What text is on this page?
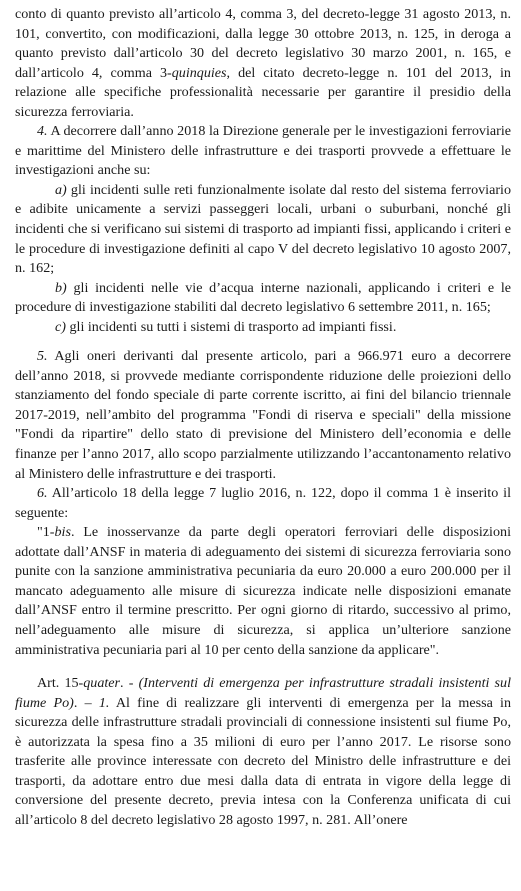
conto di quanto previsto all’articolo 4, comma 3, del decreto-legge 31 agosto 2013, n. 101, convertito, con modificazioni, dalla legge 30 ottobre 2013, n. 125, in deroga a quanto previsto dall’articolo 30 del decreto legislativo 30 marzo 2001, n. 165, e dall’articolo 4, comma 3-quinquies, del citato decreto-legge n. 101 del 2013, in relazione alle specifiche professionalità necessarie per garantire il presidio della sicurezza ferroviaria.

4. A decorrere dall’anno 2018 la Direzione generale per le investigazioni ferroviarie e marittime del Ministero delle infrastrutture e dei trasporti provvede a effettuare le investigazioni anche su:

a) gli incidenti sulle reti funzionalmente isolate dal resto del sistema ferroviario e adibite unicamente a servizi passeggeri locali, urbani o suburbani, nonché gli incidenti che si verificano sui sistemi di trasporto ad impianti fissi, applicando i criteri e le procedure di investigazione definiti al capo V del decreto legislativo 10 agosto 2007, n. 162;

b) gli incidenti nelle vie d’acqua interne nazionali, applicando i criteri e le procedure di investigazione stabiliti dal decreto legislativo 6 settembre 2011, n. 165;

c) gli incidenti su tutti i sistemi di trasporto ad impianti fissi.

5. Agli oneri derivanti dal presente articolo, pari a 966.971 euro a decorrere dell’anno 2018, si provvede mediante corrispondente riduzione delle proiezioni dello stanziamento del fondo speciale di parte corrente iscritto, ai fini del bilancio triennale 2017-2019, nell’ambito del programma "Fondi di riserva e speciali" della missione "Fondi da ripartire" dello stato di previsione del Ministero dell’economia e delle finanze per l’anno 2017, allo scopo parzialmente utilizzando l’accantonamento relativo al Ministero delle infrastrutture e dei trasporti.

6. All’articolo 18 della legge 7 luglio 2016, n. 122, dopo il comma 1 è inserito il seguente:

"1-bis. Le inosservanze da parte degli operatori ferroviari delle disposizioni adottate dall’ANSF in materia di adeguamento dei sistemi di sicurezza ferroviaria sono punite con la sanzione amministrativa pecuniaria da euro 20.000 a euro 200.000 per il mancato adeguamento alle misure di sicurezza indicate nelle disposizioni emanate dall’ANSF entro il termine prescritto. Per ogni giorno di ritardo, successivo al primo, nell’adeguamento alle misure di sicurezza, si applica un’ulteriore sanzione amministrativa pecuniaria pari al 10 per cento della sanzione da applicare".

Art. 15-quater. - (Interventi di emergenza per infrastrutture stradali insistenti sul fiume Po). – 1. Al fine di realizzare gli interventi di emergenza per la messa in sicurezza delle infrastrutture stradali provinciali di connessione insistenti sul fiume Po, è autorizzata la spesa fino a 35 milioni di euro per l’anno 2017. Le risorse sono trasferite alle province interessate con decreto del Ministro delle infrastrutture e dei trasporti, da adottare entro due mesi dalla data di entrata in vigore della legge di conversione del presente decreto, previa intesa con la Conferenza unificata di cui all’articolo 8 del decreto legislativo 28 agosto 1997, n. 281. All’onere
